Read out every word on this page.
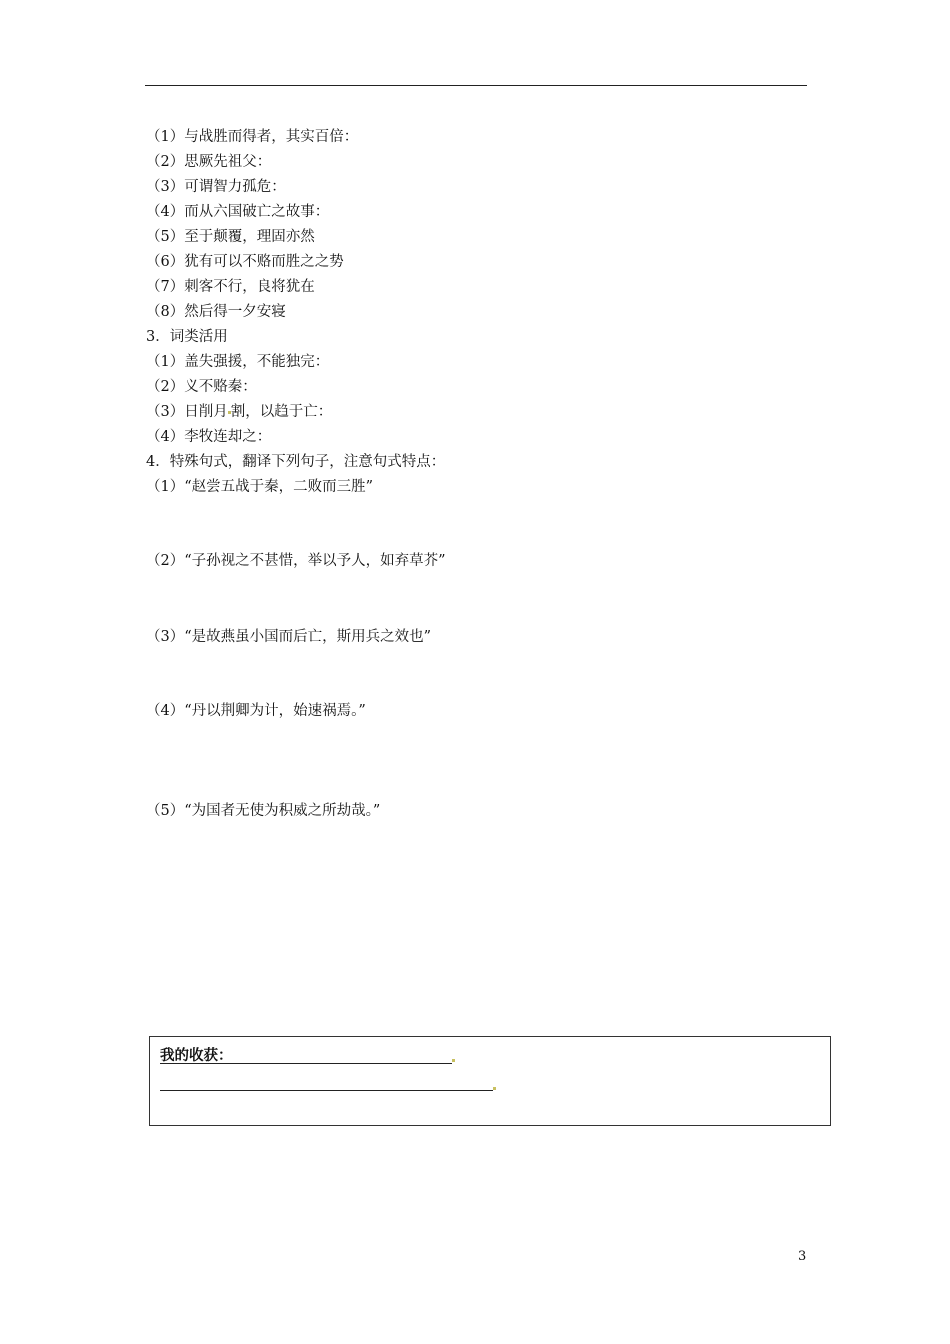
（1）与战胜而得者，其实百倍：
（2）思厥先祖父：
（3）可谓智力孤危：
（4）而从六国破亡之故事：
（5）至于颠覆，理固亦然
（6）犹有可以不赂而胜之之势
（7）刺客不行，良将犹在
（8）然后得一夕安寝
3．词类活用
（1）盖失强援，不能独完：
（2）义不赂秦：
（3）日削月 割，以趋于亡：
（4）李牧连却之：
4．特殊句式，翻译下列句子，注意句式特点：
（1）“赵尝五战于秦，二败而三胜”
（2）“子孙视之不甚惜，举以予人，如弃草芥”
（3）“是故燕虽小国而后亡，斯用兵之效也”
（4）“丹以荆卿为计，始速祸焉。”
（5）“为国者无使为积威之所劫哉。”
我的收获：
3
